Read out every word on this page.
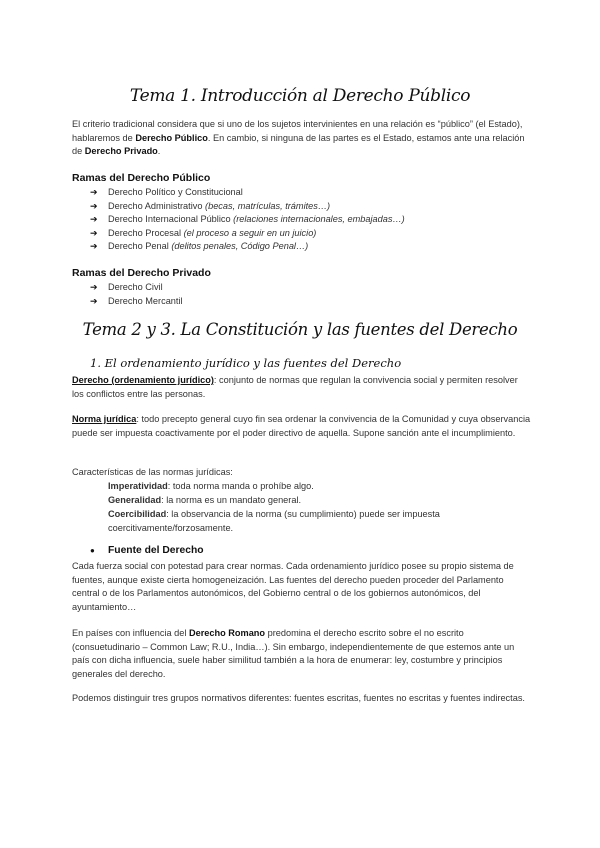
Tema 1. Introducción al Derecho Público
El criterio tradicional considera que si uno de los sujetos intervinientes en una relación es “público” (el Estado), hablaremos de Derecho Público. En cambio, si ninguna de las partes es el Estado, estamos ante una relación de Derecho Privado.
Ramas del Derecho Público
➔ Derecho Político y Constitucional
➔ Derecho Administrativo (becas, matrículas, trámites…)
➔ Derecho Internacional Público (relaciones internacionales, embajadas…)
➔ Derecho Procesal (el proceso a seguir en un juicio)
➔ Derecho Penal (delitos penales, Código Penal…)
Ramas del Derecho Privado
➔ Derecho Civil
➔ Derecho Mercantil
Tema 2 y 3. La Constitución y las fuentes del Derecho
1. El ordenamiento jurídico y las fuentes del Derecho
Derecho (ordenamiento jurídico): conjunto de normas que regulan la convivencia social y permiten resolver los conflictos entre las personas.
Norma jurídica: todo precepto general cuyo fin sea ordenar la convivencia de la Comunidad y cuya observancia puede ser impuesta coactivamente por el poder directivo de aquella. Supone sanción ante el incumplimiento.
Características de las normas jurídicas:
Imperatividad: toda norma manda o prohíbe algo.
Generalidad: la norma es un mandato general.
Coercibilidad: la observancia de la norma (su cumplimiento) puede ser impuesta coercitivamente/forzosamente.
● Fuente del Derecho
Cada fuerza social con potestad para crear normas. Cada ordenamiento jurídico posee su propio sistema de fuentes, aunque existe cierta homogeneización. Las fuentes del derecho pueden proceder del Parlamento central o de los Parlamentos autonómicos, del Gobierno central o de los gobiernos autonómicos, del ayuntamiento…
En países con influencia del Derecho Romano predomina el derecho escrito sobre el no escrito (consuetudinario – Common Law; R.U., India…). Sin embargo, independientemente de que estemos ante un país con dicha influencia, suele haber similitud también a la hora de enumerar: ley, costumbre y principios generales del derecho.
Podemos distinguir tres grupos normativos diferentes: fuentes escritas, fuentes no escritas y fuentes indirectas.
